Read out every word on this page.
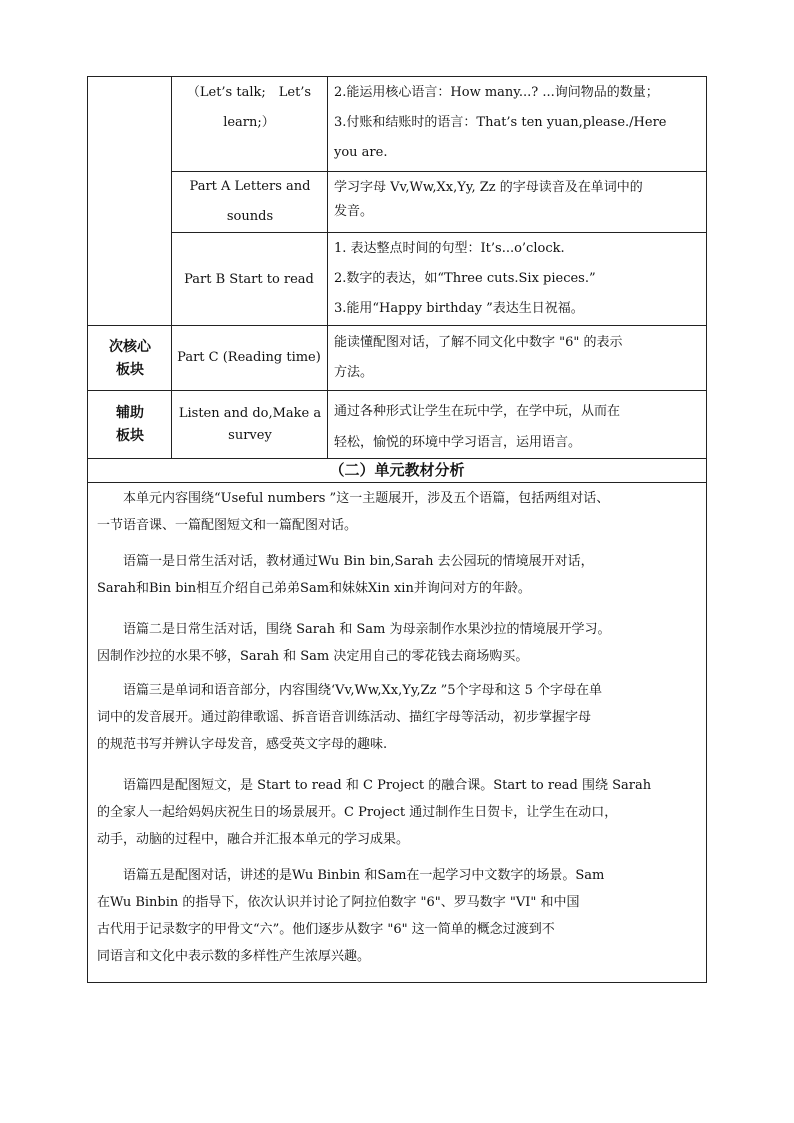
（Let’s talk;　Let’s learn;）
2.能运用核心语言：How many...? ...询问物品的数量；
3.付账和结账时的语言：That’s ten yuan,please./Here
you are.
Part A Letters and sounds
学习字母 Vv,Ww,Xx,Yy, Zz 的字母读音及在单词中的
发音。
Part B Start to read
1. 表达整点时间的句型：It’s...o’clock.
2.数字的表达，如“Three cuts.Six pieces.”
3.能用“Happy birthday ”表达生日祝福。
次核心
板块
Part C (Reading time)
能读懂配图对话，了解不同文化中数字 "6" 的表示
方法。
辅助
板块
Listen and do,Make a survey
通过各种形式让学生在玩中学，在学中玩，从而在
轻松，愉悦的环境中学习语言，运用语言。
（二）单元教材分析

　　本单元内容围绕“Useful numbers ”这一主题展开，涉及五个语篇，包括两组对话、
一节语音课、一篇配图短文和一篇配图对话。

　　语篇一是日常生活对话，教材通过Wu Bin bin,Sarah 去公园玩的情境展开对话，
Sarah和Bin bin相互介绍自己弟弟Sam和妹妹Xin xin并询问对方的年龄。

　　语篇二是日常生活对话，围绕 Sarah 和 Sam 为母亲制作水果沙拉的情境展开学习。
因制作沙拉的水果不够，Sarah 和 Sam 决定用自己的零花钱去商场购买。

　　语篇三是单词和语音部分，内容围绕‘Vv,Ww,Xx,Yy,Zz ”5个字母和这 5 个字母在单
词中的发音展开。通过韵律歌谣、拆音语音训练活动、描红字母等活动，初步掌握字母
的规范书写并辨认字母发音，感受英文字母的趣味.

　　语篇四是配图短文，是 Start to read 和 C Project 的融合课。Start to read 围绕 Sarah
的全家人一起给妈妈庆祝生日的场景展开。C Project 通过制作生日贺卡，让学生在动口，
动手，动脑的过程中，融合并汇报本单元的学习成果。

　　语篇五是配图对话，讲述的是Wu Binbin 和Sam在一起学习中文数字的场景。Sam
在Wu Binbin 的指导下，依次认识并讨论了阿拉伯数字 "6"、罗马数字 "VI" 和中国
古代用于记录数字的甲骨文“六”。他们逐步从数字 "6" 这一简单的概念过渡到不
同语言和文化中表示数的多样性产生浓厚兴趣。
